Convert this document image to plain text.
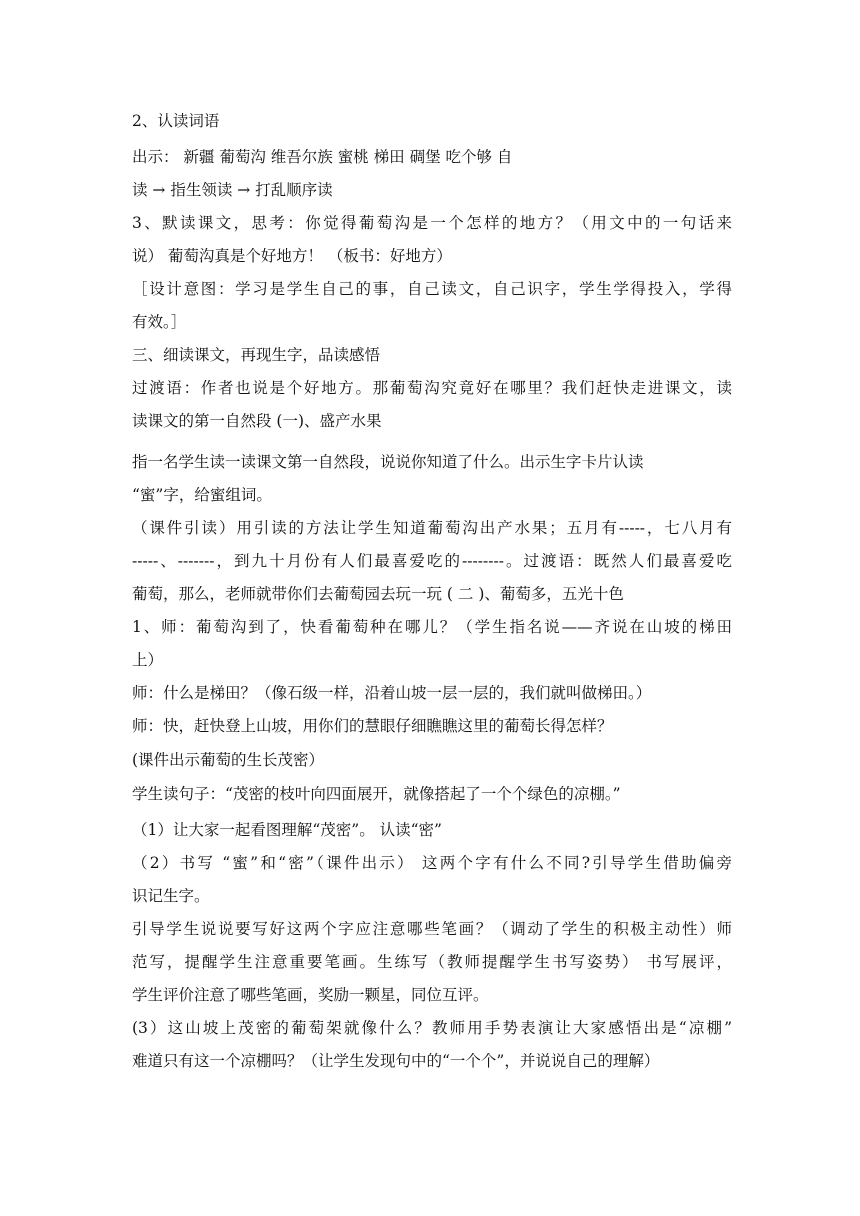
2、认读词语
出示： 新疆 葡萄沟 维吾尔族 蜜桃 梯田 碉堡 吃个够 自
读 → 指生领读 → 打乱顺序读
3、默读课文，思考：你觉得葡萄沟是一个怎样的地方？（用文中的一句话来
说） 葡萄沟真是个好地方！ （板书：好地方）
［设计意图：学习是学生自己的事，自己读文，自己识字，学生学得投入，学得
有效。］
三、细读课文，再现生字，品读感悟
过渡语：作者也说是个好地方。那葡萄沟究竟好在哪里？我们赶快走进课文，读
读课文的第一自然段 (一)、盛产水果
指一名学生读一读课文第一自然段，说说你知道了什么。出示生字卡片认读
“蜜”字，给蜜组词。
（课件引读）用引读的方法让学生知道葡萄沟出产水果；五月有-----，七八月有
-----、-------，到九十月份有人们最喜爱吃的--------。过渡语：既然人们最喜爱吃
葡萄，那么，老师就带你们去葡萄园去玩一玩 ( 二 )、葡萄多，五光十色
1、师：葡萄沟到了，快看葡萄种在哪儿？（学生指名说——齐说在山坡的梯田
上）
师：什么是梯田？（像石级一样，沿着山坡一层一层的，我们就叫做梯田。）
师：快，赶快登上山坡，用你们的慧眼仔细瞧瞧这里的葡萄长得怎样？
(课件出示葡萄的生长茂密）
学生读句子：“茂密的枝叶向四面展开，就像搭起了一个个绿色的凉棚。”
（1）让大家一起看图理解“茂密”。 认读“密”
（2）书写 “蜜”和“密”（课件出示） 这两个字有什么不同?引导学生借助偏旁
识记生字。
引导学生说说要写好这两个字应注意哪些笔画？（调动了学生的积极主动性）师
范写，提醒学生注意重要笔画。生练写（教师提醒学生书写姿势） 书写展评，
学生评价注意了哪些笔画，奖励一颗星，同位互评。
(3）这山坡上茂密的葡萄架就像什么？教师用手势表演让大家感悟出是“凉棚”
难道只有这一个凉棚吗？（让学生发现句中的“一个个”，并说说自己的理解）
